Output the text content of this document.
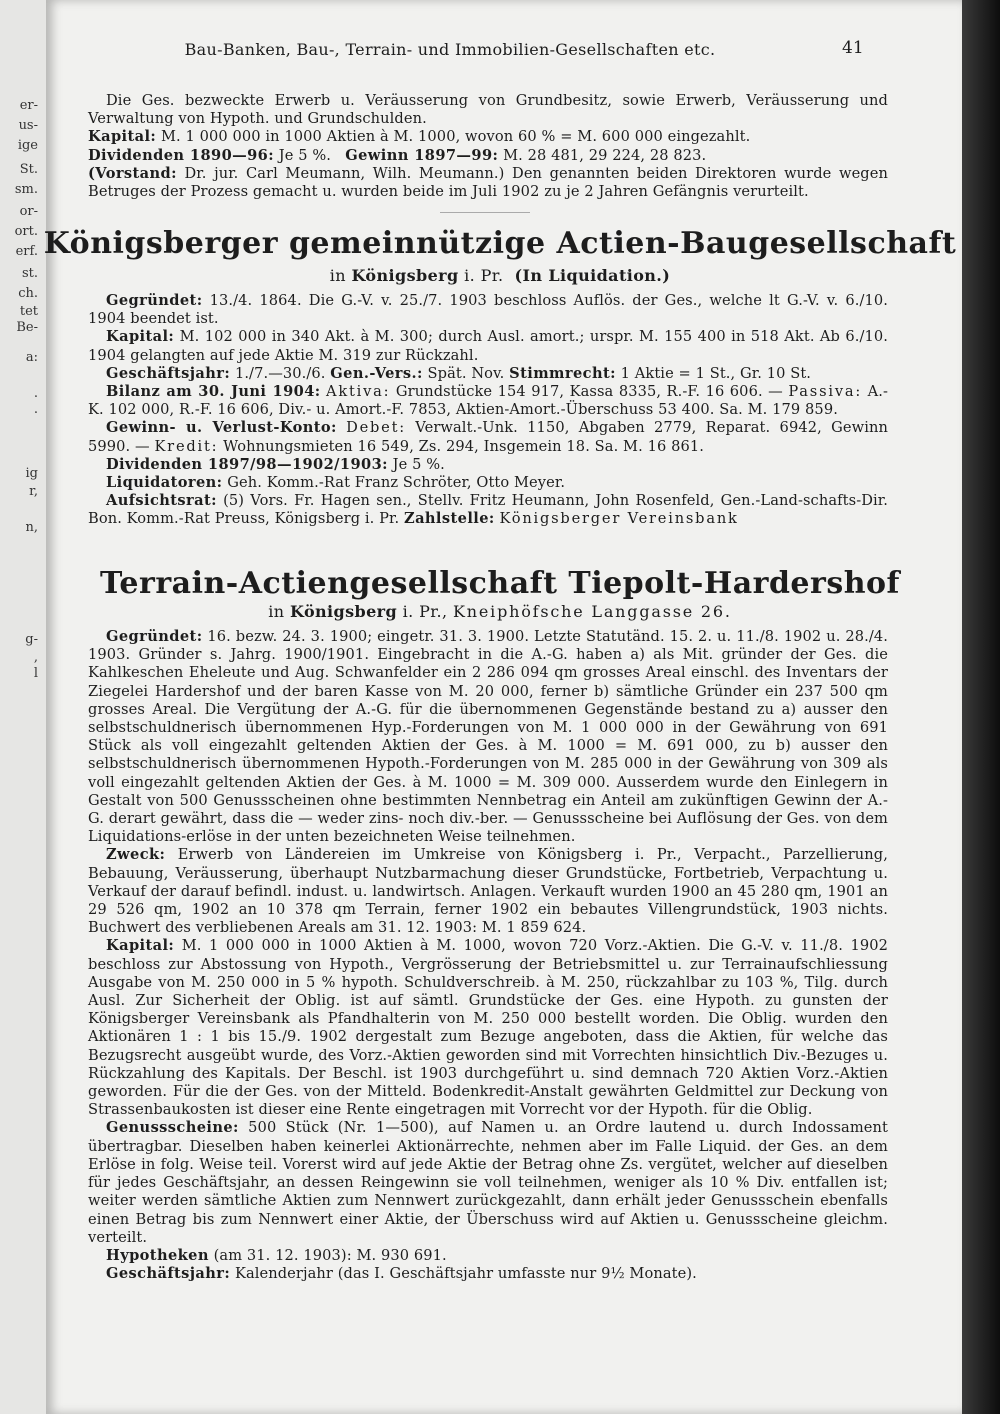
er-
us-
ige
St.
sm.
or-
ort.
erf.
st.
ch.
tet
Be-
a:
.
.
ig
r,
n,
g-
,
l
Bau-Banken, Bau-, Terrain- und Immobilien-Gesellschaften etc.	41

Die Ges. bezweckte Erwerb u. Veräusserung von Grundbesitz, sowie Erwerb, Veräusserung und Verwaltung von Hypoth. und Grundschulden.

Kapital: M. 1 000 000 in 1000 Aktien à M. 1000, wovon 60 % = M. 600 000 eingezahlt.

Dividenden 1890—96: Je 5 %. Gewinn 1897—99: M. 28 481, 29 224, 28 823.

(Vorstand: Dr. jur. Carl Meumann, Wilh. Meumann.) Den genannten beiden Direktoren wurde wegen Betruges der Prozess gemacht u. wurden beide im Juli 1902 zu je 2 Jahren Gefängnis verurteilt.

Königsberger gemeinnützige Actien-Baugesellschaft
in Königsberg i. Pr. (In Liquidation.)

Gegründet: 13./4. 1864. Die G.-V. v. 25./7. 1903 beschloss Auflös. der Ges., welche lt G.-V. v. 6./10. 1904 beendet ist.

Kapital: M. 102 000 in 340 Akt. à M. 300; durch Ausl. amort.; urspr. M. 155 400 in 518 Akt. Ab 6./10. 1904 gelangten auf jede Aktie M. 319 zur Rückzahl.

Geschäftsjahr: 1./7.—30./6. Gen.-Vers.: Spät. Nov. Stimmrecht: 1 Aktie = 1 St., Gr. 10 St.

Bilanz am 30. Juni 1904: Aktiva: Grundstücke 154 917, Kassa 8335, R.-F. 16 606. — Passiva: A.-K. 102 000, R.-F. 16 606, Div.- u. Amort.-F. 7853, Aktien-Amort.-Überschuss 53 400. Sa. M. 179 859.

Gewinn- u. Verlust-Konto: Debet: Verwalt.-Unk. 1150, Abgaben 2779, Reparat. 6942, Gewinn 5990. — Kredit: Wohnungsmieten 16 549, Zs. 294, Insgemein 18. Sa. M. 16 861.

Dividenden 1897/98—1902/1903: Je 5 %.

Liquidatoren: Geh. Komm.-Rat Franz Schröter, Otto Meyer.

Aufsichtsrat: (5) Vors. Fr. Hagen sen., Stellv. Fritz Heumann, John Rosenfeld, Gen.-Land-schafts-Dir. Bon. Komm.-Rat Preuss, Königsberg i. Pr. Zahlstelle: Königsberger Vereinsbank

Terrain-Actiengesellschaft Tiepolt-Hardershof
in Königsberg i. Pr., Kneiphöfsche Langgasse 26.

Gegründet: 16. bezw. 24. 3. 1900; eingetr. 31. 3. 1900. Letzte Statutänd. 15. 2. u. 11./8. 1902 u. 28./4. 1903. Gründer s. Jahrg. 1900/1901. Eingebracht in die A.-G. haben a) als Mit. gründer der Ges. die Kahlkeschen Eheleute und Aug. Schwanfelder ein 2 286 094 qm grosses Areal einschl. des Inventars der Ziegelei Hardershof und der baren Kasse von M. 20 000, ferner b) sämtliche Gründer ein 237 500 qm grosses Areal. Die Vergütung der A.-G. für die übernommenen Gegenstände bestand zu a) ausser den selbstschuldnerisch übernommenen Hyp.-Forderungen von M. 1 000 000 in der Gewährung von 691 Stück als voll eingezahlt geltenden Aktien der Ges. à M. 1000 = M. 691 000, zu b) ausser den selbstschuldnerisch übernommenen Hypoth.-Forderungen von M. 285 000 in der Gewährung von 309 als voll eingezahlt geltenden Aktien der Ges. à M. 1000 = M. 309 000. Ausserdem wurde den Einlegern in Gestalt von 500 Genussscheinen ohne bestimmten Nennbetrag ein Anteil am zukünftigen Gewinn der A.-G. derart gewährt, dass die — weder zins- noch div.-ber. — Genussscheine bei Auflösung der Ges. von dem Liquidations-erlöse in der unten bezeichneten Weise teilnehmen.

Zweck: Erwerb von Ländereien im Umkreise von Königsberg i. Pr., Verpacht., Parzellierung, Bebauung, Veräusserung, überhaupt Nutzbarmachung dieser Grundstücke, Fortbetrieb, Verpachtung u. Verkauf der darauf befindl. indust. u. landwirtsch. Anlagen. Verkauft wurden 1900 an 45 280 qm, 1901 an 29 526 qm, 1902 an 10 378 qm Terrain, ferner 1902 ein bebautes Villengrundstück, 1903 nichts. Buchwert des verbliebenen Areals am 31. 12. 1903: M. 1 859 624.

Kapital: M. 1 000 000 in 1000 Aktien à M. 1000, wovon 720 Vorz.-Aktien. Die G.-V. v. 11./8. 1902 beschloss zur Abstossung von Hypoth., Vergrösserung der Betriebsmittel u. zur Terrainaufschliessung Ausgabe von M. 250 000 in 5 % hypoth. Schuldverschreib. à M. 250, rückzahlbar zu 103 %, Tilg. durch Ausl. Zur Sicherheit der Oblig. ist auf sämtl. Grundstücke der Ges. eine Hypoth. zu gunsten der Königsberger Vereinsbank als Pfandhalterin von M. 250 000 bestellt worden. Die Oblig. wurden den Aktionären 1 : 1 bis 15./9. 1902 dergestalt zum Bezuge angeboten, dass die Aktien, für welche das Bezugsrecht ausgeübt wurde, des Vorz.-Aktien geworden sind mit Vorrechten hinsichtlich Div.-Bezuges u. Rückzahlung des Kapitals. Der Beschl. ist 1903 durchgeführt u. sind demnach 720 Aktien Vorz.-Aktien geworden. Für die der Ges. von der Mitteld. Bodenkredit-Anstalt gewährten Geldmittel zur Deckung von Strassenbaukosten ist dieser eine Rente eingetragen mit Vorrecht vor der Hypoth. für die Oblig.

Genussscheine: 500 Stück (Nr. 1—500), auf Namen u. an Ordre lautend u. durch Indossament übertragbar. Dieselben haben keinerlei Aktionärrechte, nehmen aber im Falle Liquid. der Ges. an dem Erlöse in folg. Weise teil. Vorerst wird auf jede Aktie der Betrag ohne Zs. vergütet, welcher auf dieselben für jedes Geschäftsjahr, an dessen Reingewinn sie voll teilnehmen, weniger als 10 % Div. entfallen ist; weiter werden sämtliche Aktien zum Nennwert zurückgezahlt, dann erhält jeder Genussschein ebenfalls einen Betrag bis zum Nennwert einer Aktie, der Überschuss wird auf Aktien u. Genussscheine gleichm. verteilt.

Hypotheken (am 31. 12. 1903): M. 930 691.

Geschäftsjahr: Kalenderjahr (das I. Geschäftsjahr umfasste nur 9½ Monate).
